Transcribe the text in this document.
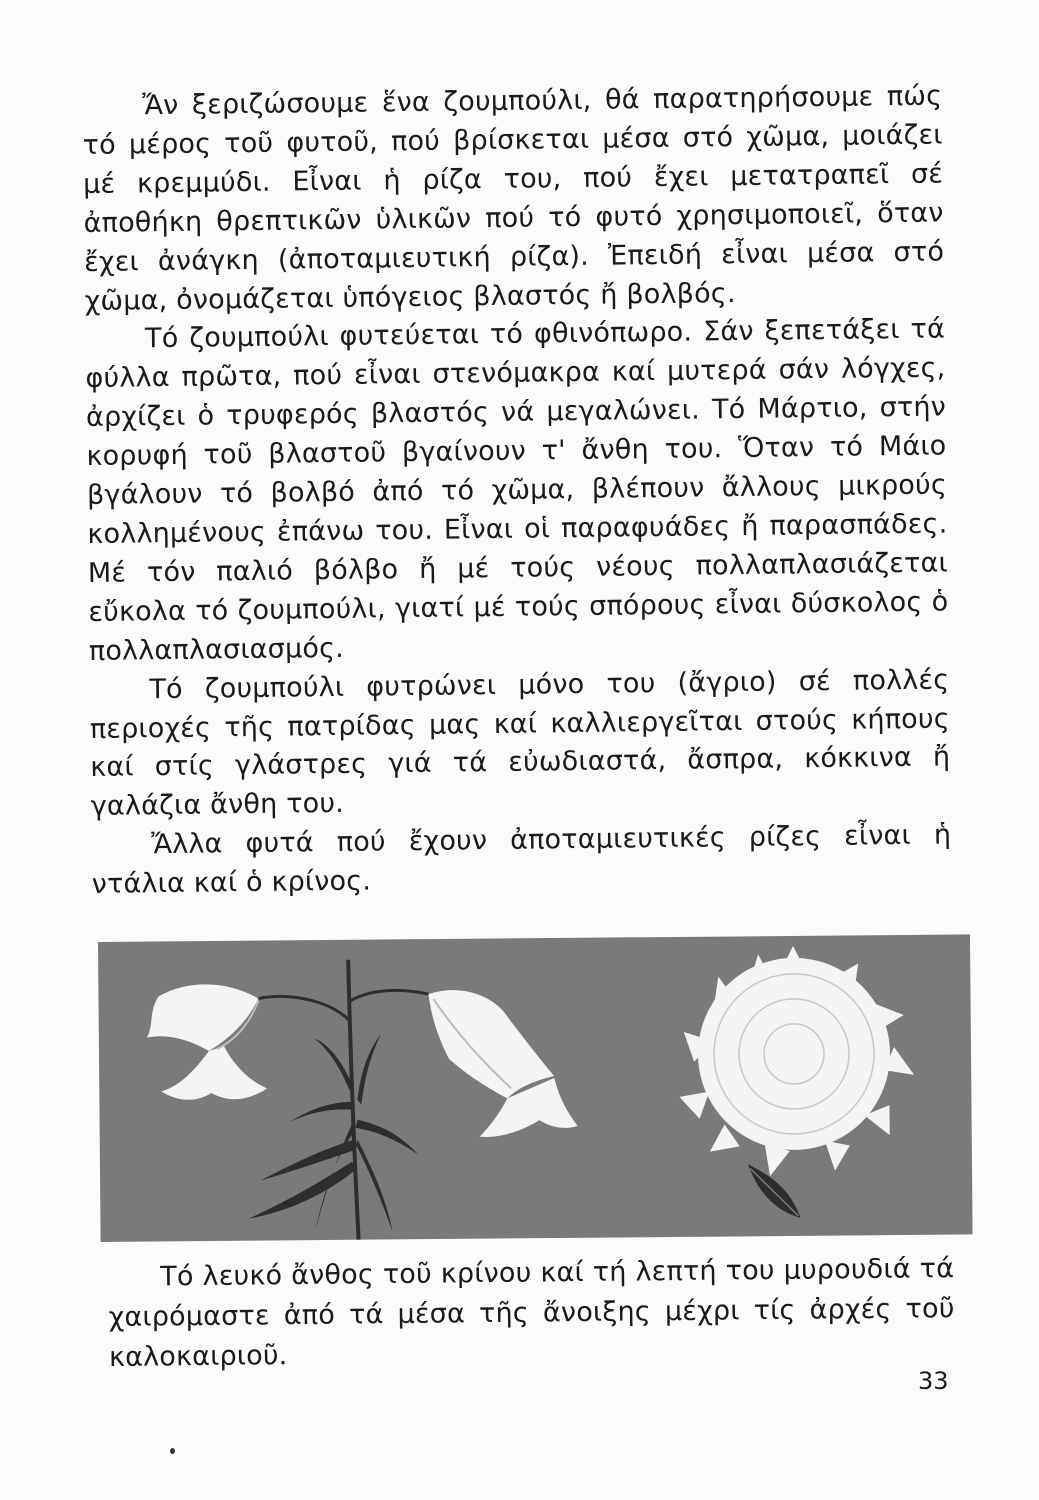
Ἄν ξεριζώσουμε ἕνα ζουμπούλι, θά παρατηρήσουμε πώς τό μέρος τοῦ φυτοῦ, πού βρίσκεται μέσα στό χῶμα, μοιάζει μέ κρεμμύδι. Εἶναι ἡ ρίζα του, πού ἔχει μετατραπεῖ σέ ἀποθήκη θρεπτικῶν ὑλικῶν πού τό φυτό χρησιμοποιεῖ, ὅταν ἔχει ἀνάγκη (ἀποταμιευτική ρίζα). Ἐπειδή εἶναι μέσα στό χῶμα, ὀνομάζεται ὑπόγειος βλαστός ἤ βολβός.

Τό ζουμπούλι φυτεύεται τό φθινόπωρο. Σάν ξεπετάξει τά φύλλα πρῶτα, πού εἶναι στενόμακρα καί μυτερά σάν λόγχες, ἀρχίζει ὁ τρυφερός βλαστός νά μεγαλώνει. Τό Μάρτιο, στήν κορυφή τοῦ βλαστοῦ βγαίνουν τ' ἄνθη του. Ὅταν τό Μάιο βγάλουν τό βολβό ἀπό τό χῶμα, βλέπουν ἄλλους μικρούς κολλημένους ἐπάνω του. Εἶναι οἱ παραφυάδες ἤ παρασπάδες. Μέ τόν παλιό βόλβο ἤ μέ τούς νέους πολλαπλασιάζεται εὔκολα τό ζουμπούλι, γιατί μέ τούς σπόρους εἶναι δύσκολος ὁ πολλαπλασιασμός.

Τό ζουμπούλι φυτρώνει μόνο του (ἄγριο) σέ πολλές περιοχές τῆς πατρίδας μας καί καλλιεργεῖται στούς κήπους καί στίς γλάστρες γιά τά εὐωδιαστά, ἄσπρα, κόκκινα ἤ γαλάζια ἄνθη του.

Ἄλλα φυτά πού ἔχουν ἀποταμιευτικές ρίζες εἶναι ἡ ντάλια καί ὁ κρίνος.

Τό λευκό ἄνθος τοῦ κρίνου καί τή λεπτή του μυρουδιά τά χαιρόμαστε ἀπό τά μέσα τῆς ἄνοιξης μέχρι τίς ἀρχές τοῦ καλοκαιριοῦ.

33
